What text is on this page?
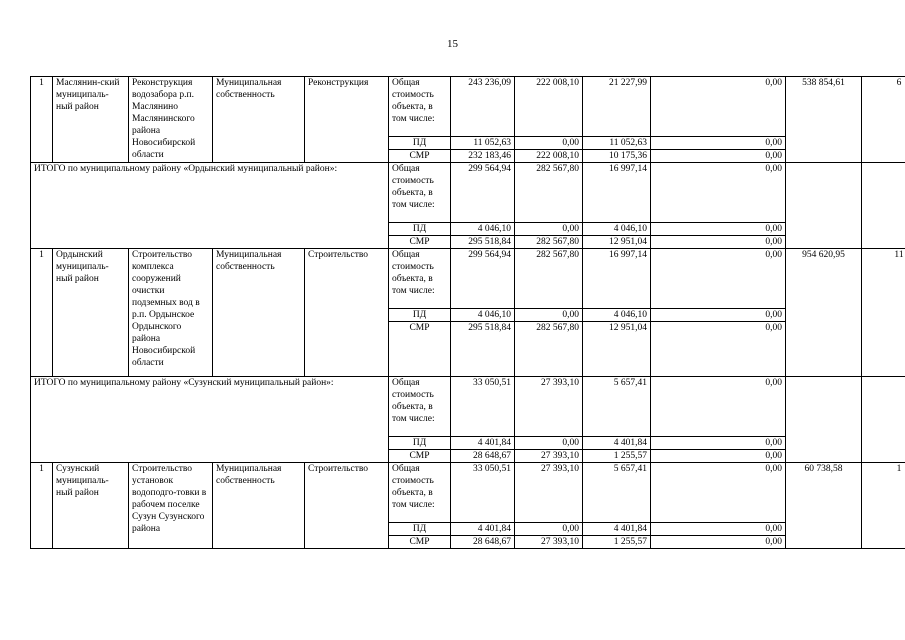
15
1	Маслянин-ский муниципаль-ный район	Реконструкция водозабора р.п. Маслянино Маслянинского района Новосибирской области	Муниципальная собственность	Реконструкция	Общая стоимость объекта, в том числе:	243 236,09	222 008,10	21 227,99	0,00	538 854,61	6
					ПД	11 052,63	0,00	11 052,63	0,00		
					СМР	232 183,46	222 008,10	10 175,36	0,00		
ИТОГО по муниципальному району «Ордынский муниципальный район»:					Общая стоимость объекта, в том числе:	299 564,94	282 567,80	16 997,14	0,00		
					ПД	4 046,10	0,00	4 046,10	0,00		
					СМР	295 518,84	282 567,80	12 951,04	0,00		
1	Ордынский муниципаль-ный район	Строительство комплекса сооружений очистки подземных вод в р.п. Ордынское Ордынского района Новосибирской области	Муниципальная собственность	Строительство	Общая стоимость объекта, в том числе:	299 564,94	282 567,80	16 997,14	0,00	954 620,95	11
					ПД	4 046,10	0,00	4 046,10	0,00		
					СМР	295 518,84	282 567,80	12 951,04	0,00		
ИТОГО по муниципальному району «Сузунский муниципальный район»:					Общая стоимость объекта, в том числе:	33 050,51	27 393,10	5 657,41	0,00		
					ПД	4 401,84	0,00	4 401,84	0,00		
					СМР	28 648,67	27 393,10	1 255,57	0,00		
1	Сузунский муниципаль-ный район	Строительство установок водоподго-товки в рабочем поселке Сузун Сузунского района	Муниципальная собственность	Строительство	Общая стоимость объекта, в том числе:	33 050,51	27 393,10	5 657,41	0,00	60 738,58	1
					ПД	4 401,84	0,00	4 401,84	0,00		
					СМР	28 648,67	27 393,10	1 255,57	0,00		
